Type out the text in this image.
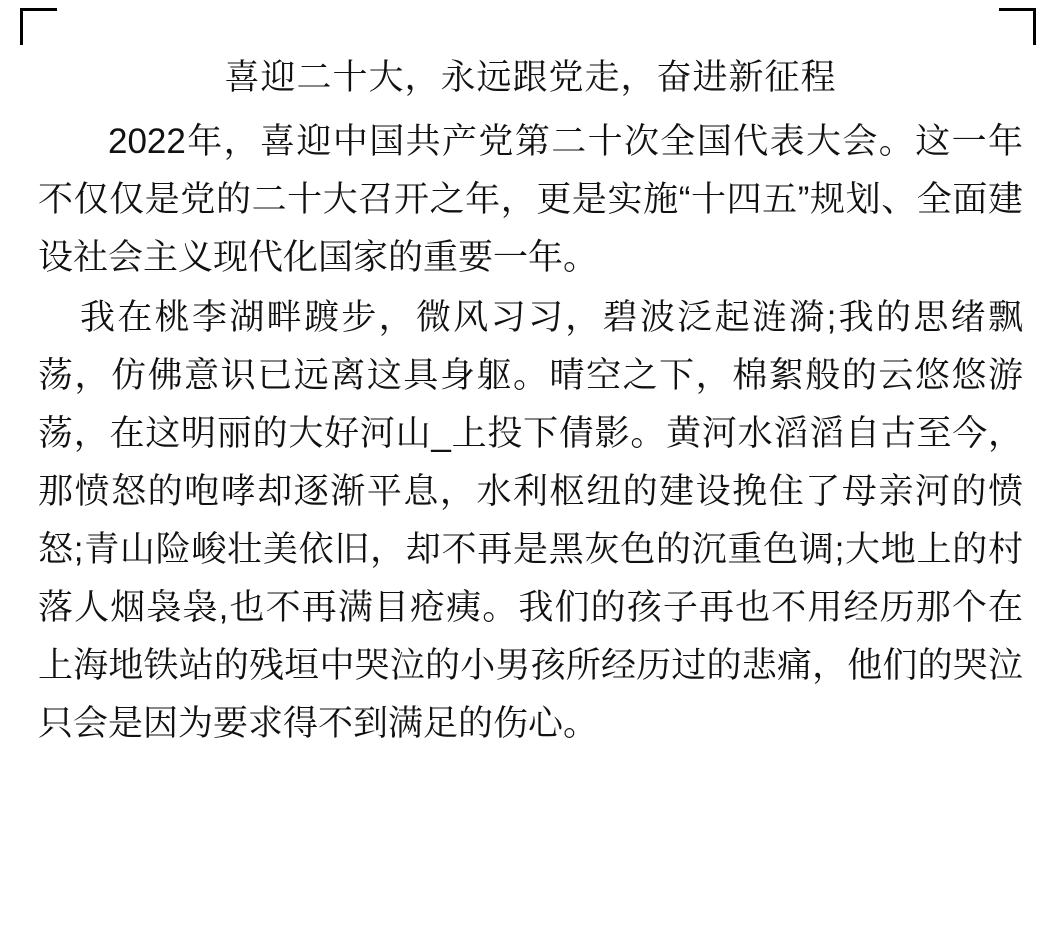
喜迎二十大，永远跟党走，奋进新征程

2022年，喜迎中国共产党第二十次全国代表大会。这一年不仅仅是党的二十大召开之年，更是实施“十四五”规划、全面建设社会主义现代化国家的重要一年。

我在桃李湖畔踱步，微风习习，碧波泛起涟漪;我的思绪飘荡，仿佛意识已远离这具身躯。晴空之下，棉絮般的云悠悠游荡，在这明丽的大好河山_上投下倩影。黄河水滔滔自古至今，那愤怒的咆哮却逐渐平息，水利枢纽的建设挽住了母亲河的愤怒;青山险峻壮美依旧，却不再是黑灰色的沉重色调;大地上的村落人烟袅袅,也不再满目疮痍。我们的孩子再也不用经历那个在上海地铁站的残垣中哭泣的小男孩所经历过的悲痛，他们的哭泣只会是因为要求得不到满足的伤心。
